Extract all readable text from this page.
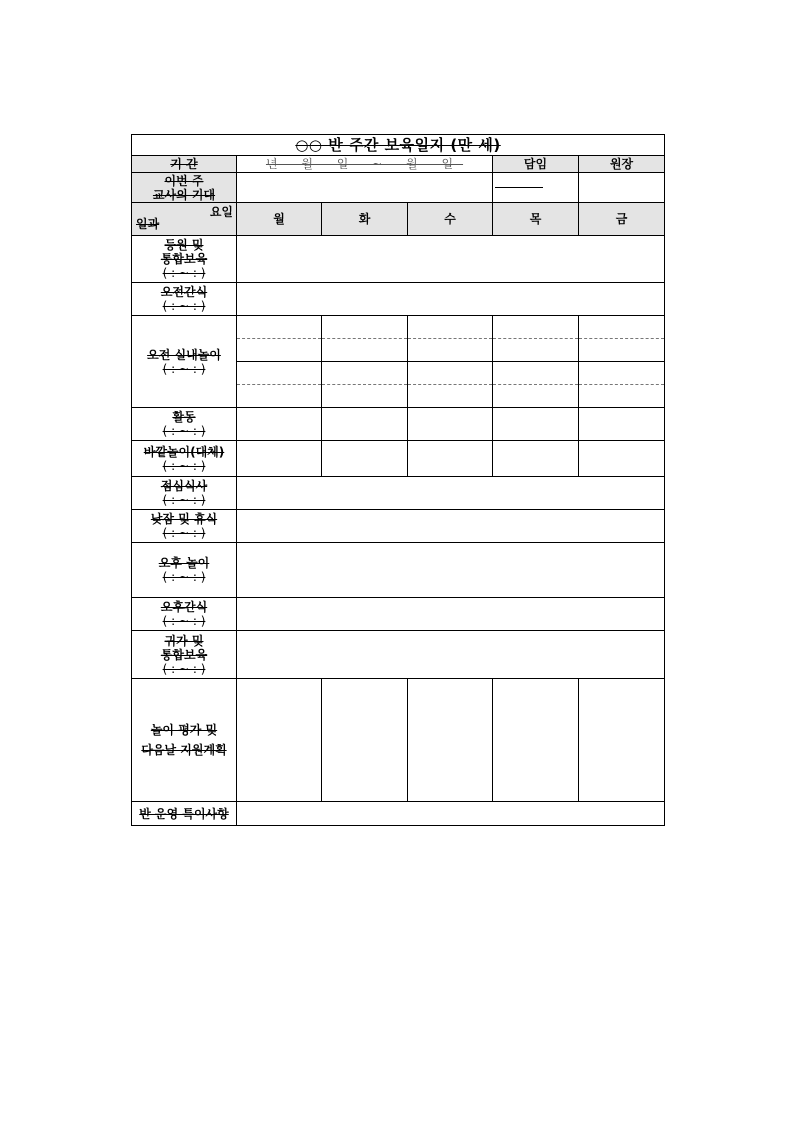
○○ 반 주간 보육일지 (만 세)					
기 간	년 월 일 ~ 월 일			담임	원장

이번 주
교사의 기대					

요일
일과	월	화	수	목	금

등원 및
통합보육
( : ~ : )					

오전간식
( : ~ : )					

오전 실내놀이
( : ~ : )					

활동
( : ~ : )					

바깥놀이(대체)
( : ~ : )					

점심식사
( : ~ : )					

낮잠 및 휴식
( : ~ : )					

오후 놀이
( : ~ : )					

오후간식
( : ~ : )					

귀가 및
통합보육
( : ~ : )					

놀이 평가 및
다음날 지원계획					

반 운영 특이사항					
